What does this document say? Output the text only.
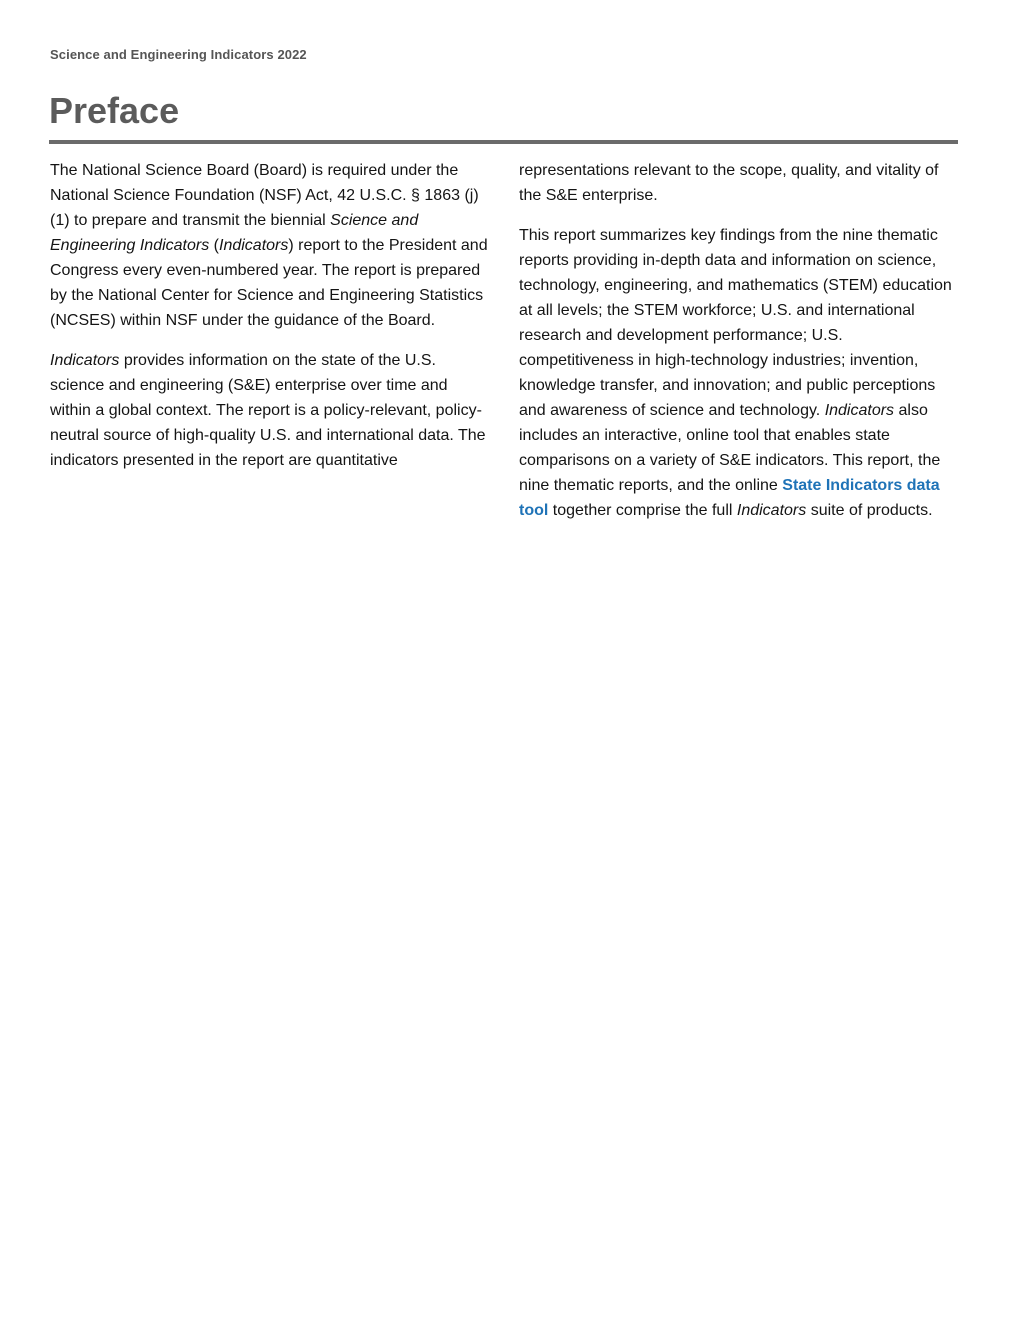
Science and Engineering Indicators 2022
Preface

The National Science Board (Board) is required under the National Science Foundation (NSF) Act, 42 U.S.C. § 1863 (j)(1) to prepare and transmit the biennial Science and Engineering Indicators (Indicators) report to the President and Congress every even-numbered year. The report is prepared by the National Center for Science and Engineering Statistics (NCSES) within NSF under the guidance of the Board.

Indicators provides information on the state of the U.S. science and engineering (S&E) enterprise over time and within a global context. The report is a policy-relevant, policy-neutral source of high-quality U.S. and international data. The indicators presented in the report are quantitative

representations relevant to the scope, quality, and vitality of the S&E enterprise.

This report summarizes key findings from the nine thematic reports providing in-depth data and information on science, technology, engineering, and mathematics (STEM) education at all levels; the STEM workforce; U.S. and international research and development performance; U.S. competitiveness in high-technology industries; invention, knowledge transfer, and innovation; and public perceptions and awareness of science and technology. Indicators also includes an interactive, online tool that enables state comparisons on a variety of S&E indicators. This report, the nine thematic reports, and the online State Indicators data tool together comprise the full Indicators suite of products.
